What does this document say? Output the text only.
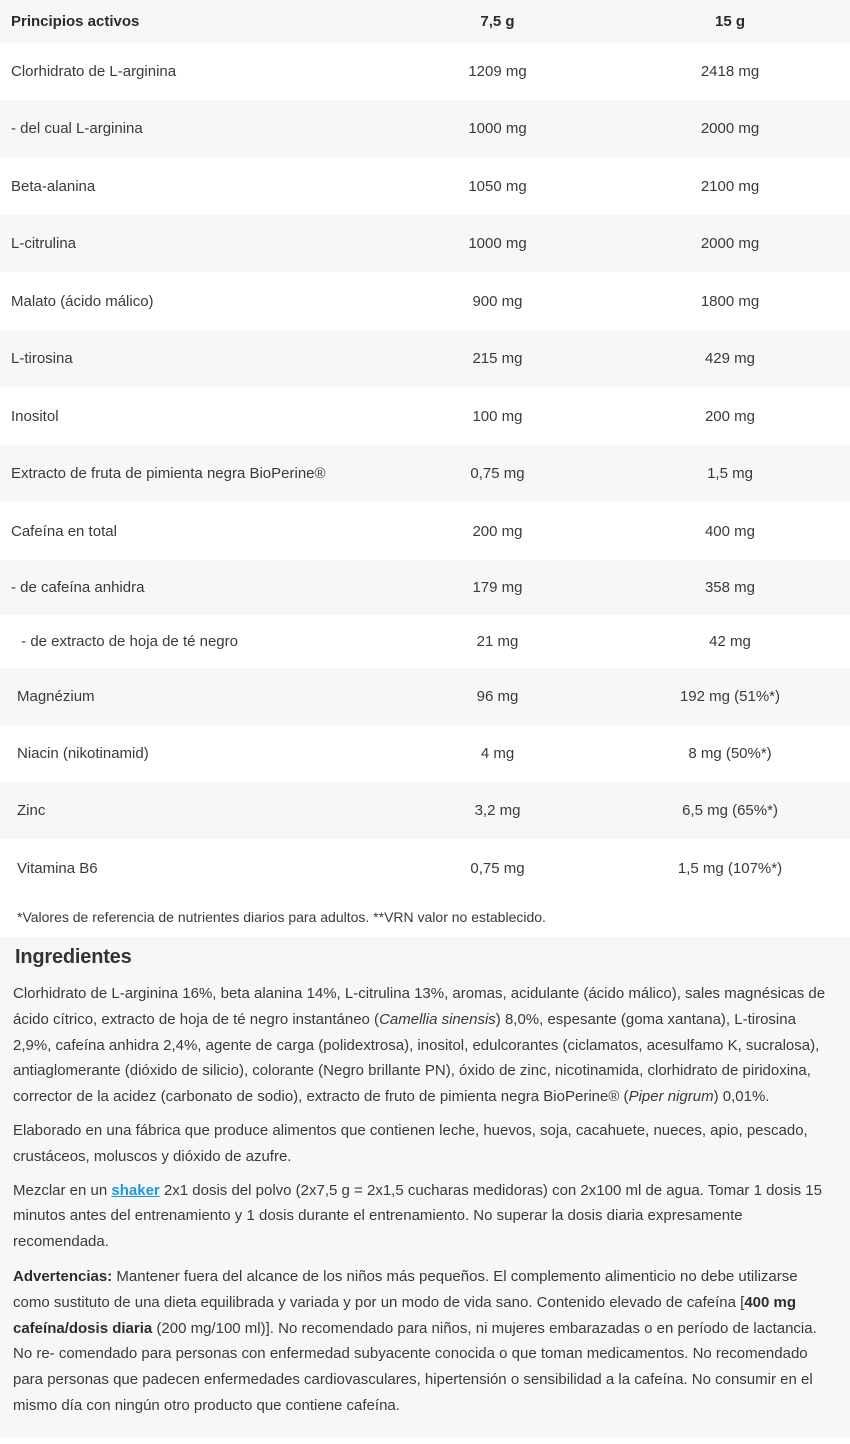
Principios activos	7,5 g	15 g
Clorhidrato de L-arginina	1209 mg	2418 mg
- del cual L-arginina	1000 mg	2000 mg
Beta-alanina	1050 mg	2100 mg
L-citrulina	1000 mg	2000 mg
Malato (ácido málico)	900 mg	1800 mg
L-tirosina	215 mg	429 mg
Inositol	100 mg	200 mg
Extracto de fruta de pimienta negra BioPerine®	0,75 mg	1,5 mg
Cafeína en total	200 mg	400 mg
- de cafeína anhidra	179 mg	358 mg
- de extracto de hoja de té negro	21 mg	42 mg
Magnézium	96 mg	192 mg (51%*)
Niacin (nikotinamid)	4 mg	8 mg (50%*)
Zinc	3,2 mg	6,5 mg (65%*)
Vitamina B6	0,75 mg	1,5 mg (107%*)
*Valores de referencia de nutrientes diarios para adultos. **VRN valor no establecido.
Ingredientes

Clorhidrato de L-arginina 16%, beta alanina 14%, L-citrulina 13%, aromas, acidulante (ácido málico), sales magnésicas de ácido cítrico, extracto de hoja de té negro instantáneo (Camellia sinensis) 8,0%, espesante (goma xantana), L-tirosina 2,9%, cafeína anhidra 2,4%, agente de carga (polidextrosa), inositol, edulcorantes (ciclamatos, acesulfamo K, sucralosa), antiaglomerante (dióxido de silicio), colorante (Negro brillante PN), óxido de zinc, nicotinamida, clorhidrato de piridoxina, corrector de la acidez (carbonato de sodio), extracto de fruto de pimienta negra BioPerine® (Piper nigrum) 0,01%.

Elaborado en una fábrica que produce alimentos que contienen leche, huevos, soja, cacahuete, nueces, apio, pescado, crustáceos, moluscos y dióxido de azufre.

Mezclar en un shaker 2x1 dosis del polvo (2x7,5 g = 2x1,5 cucharas medidoras) con 2x100 ml de agua. Tomar 1 dosis 15 minutos antes del entrenamiento y 1 dosis durante el entrenamiento. No superar la dosis diaria expresamente recomendada.

Advertencias: Mantener fuera del alcance de los niños más pequeños. El complemento alimenticio no debe utilizarse como sustituto de una dieta equilibrada y variada y por un modo de vida sano. Contenido elevado de cafeína [400 mg cafeína/dosis diaria (200 mg/100 ml)]. No recomendado para niños, ni mujeres embarazadas o en período de lactancia. No re- comendado para personas con enfermedad subyacente conocida o que toman medicamentos. No recomendado para personas que padecen enfermedades cardiovasculares, hipertensión o sensibilidad a la cafeína. No consumir en el mismo día con ningún otro producto que contiene cafeína.
